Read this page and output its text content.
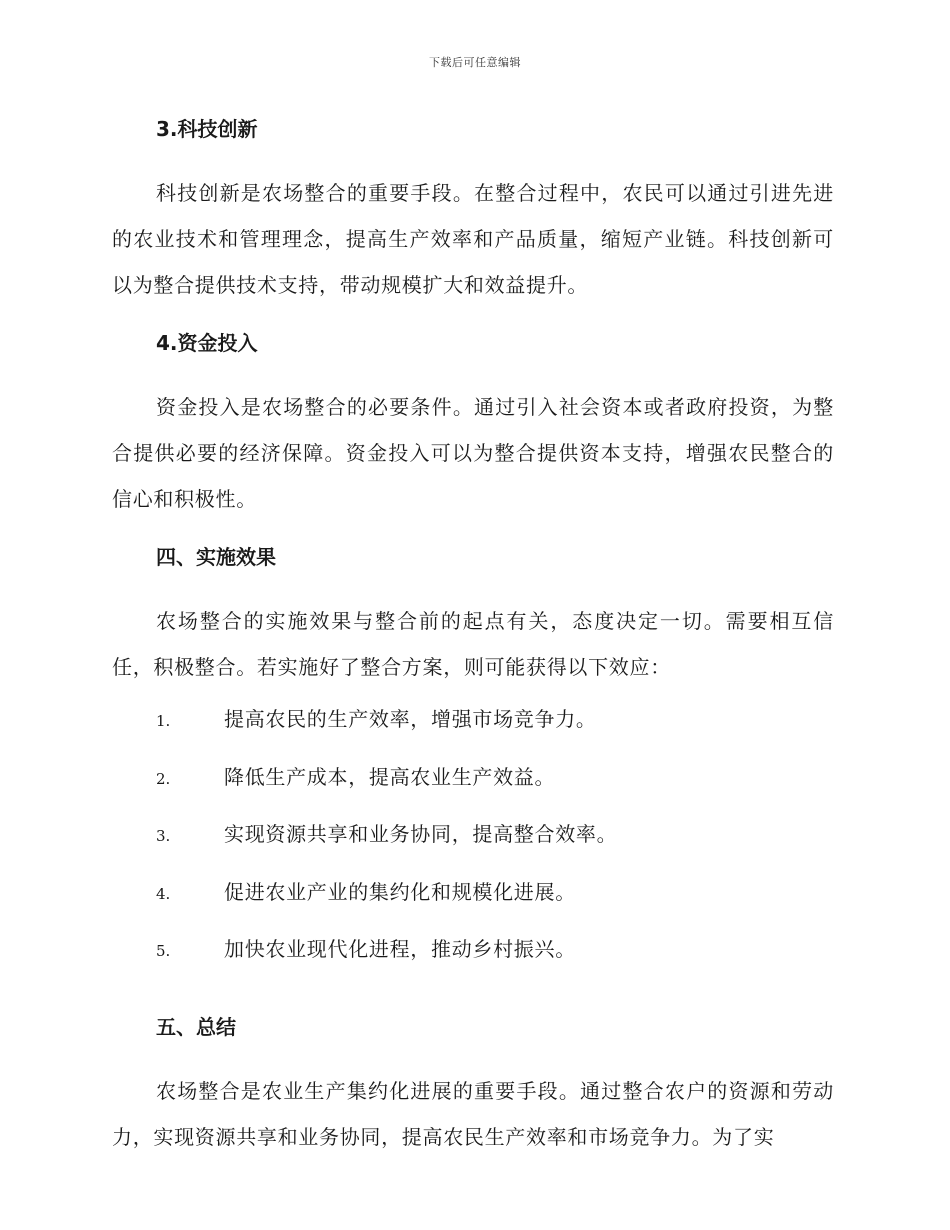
下载后可任意编辑
3.科技创新

科技创新是农场整合的重要手段。在整合过程中，农民可以通过引进先进的农业技术和管理理念，提高生产效率和产品质量，缩短产业链。科技创新可以为整合提供技术支持，带动规模扩大和效益提升。

4.资金投入

资金投入是农场整合的必要条件。通过引入社会资本或者政府投资，为整合提供必要的经济保障。资金投入可以为整合提供资本支持，增强农民整合的信心和积极性。

四、实施效果

农场整合的实施效果与整合前的起点有关，态度决定一切。需要相互信任，积极整合。若实施好了整合方案，则可能获得以下效应：

1.	提高农民的生产效率，增强市场竞争力。
2.	降低生产成本，提高农业生产效益。
3.	实现资源共享和业务协同，提高整合效率。
4.	促进农业产业的集约化和规模化进展。
5.	加快农业现代化进程，推动乡村振兴。
五、总结

农场整合是农业生产集约化进展的重要手段。通过整合农户的资源和劳动力，实现资源共享和业务协同，提高农民生产效率和市场竞争力。为了实
